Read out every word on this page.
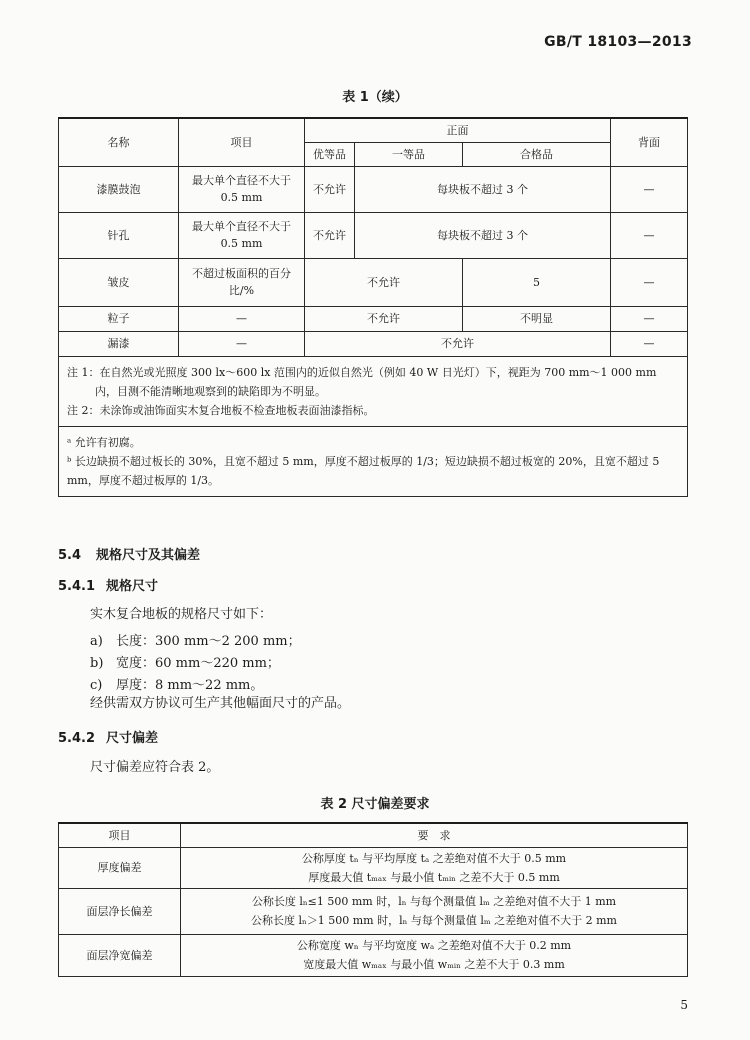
GB/T 18103—2013
表 1（续）
名称	项目	正面			背面
		优等品	一等品	合格品	
漆膜鼓泡	最大单个直径不大于 0.5 mm	不允许	每块板不超过 3 个		—
针孔	最大单个直径不大于 0.5 mm	不允许	每块板不超过 3 个		—
皱皮	不超过板面积的百分比/%	不允许		5	—
粒子	—	不允许		不明显	—
漏漆	—	不允许			—

注 1：在自然光或光照度 300 lx～600 lx 范围内的近似自然光（例如 40 W 日光灯）下，视距为 700 mm～1 000 mm 内，目测不能清晰地观察到的缺陷即为不明显。
注 2：未涂饰或油饰面实木复合地板不检查地板表面油漆指标。					

ᵃ 允许有初腐。
ᵇ 长边缺损不超过板长的 30%，且宽不超过 5 mm，厚度不超过板厚的 1/3；短边缺损不超过板宽的 20%，且宽不超过 5 mm，厚度不超过板厚的 1/3。					
5.4 规格尺寸及其偏差
5.4.1 规格尺寸
实木复合地板的规格尺寸如下：
a) 长度：300 mm～2 200 mm；
b) 宽度：60 mm～220 mm；
c) 厚度：8 mm～22 mm。
经供需双方协议可生产其他幅面尺寸的产品。
5.4.2 尺寸偏差
尺寸偏差应符合表 2。
表 2 尺寸偏差要求
项目	要　求
厚度偏差	公称厚度 tₙ 与平均厚度 tₐ 之差绝对值不大于 0.5 mm
厚度最大值 tₘₐₓ 与最小值 tₘᵢₙ 之差不大于 0.5 mm

面层净长偏差	公称长度 lₙ≤1 500 mm 时，lₙ 与每个测量值 lₘ 之差绝对值不大于 1 mm
公称长度 lₙ＞1 500 mm 时，lₙ 与每个测量值 lₘ 之差绝对值不大于 2 mm

面层净宽偏差	公称宽度 wₙ 与平均宽度 wₐ 之差绝对值不大于 0.2 mm
宽度最大值 wₘₐₓ 与最小值 wₘᵢₙ 之差不大于 0.3 mm
5
